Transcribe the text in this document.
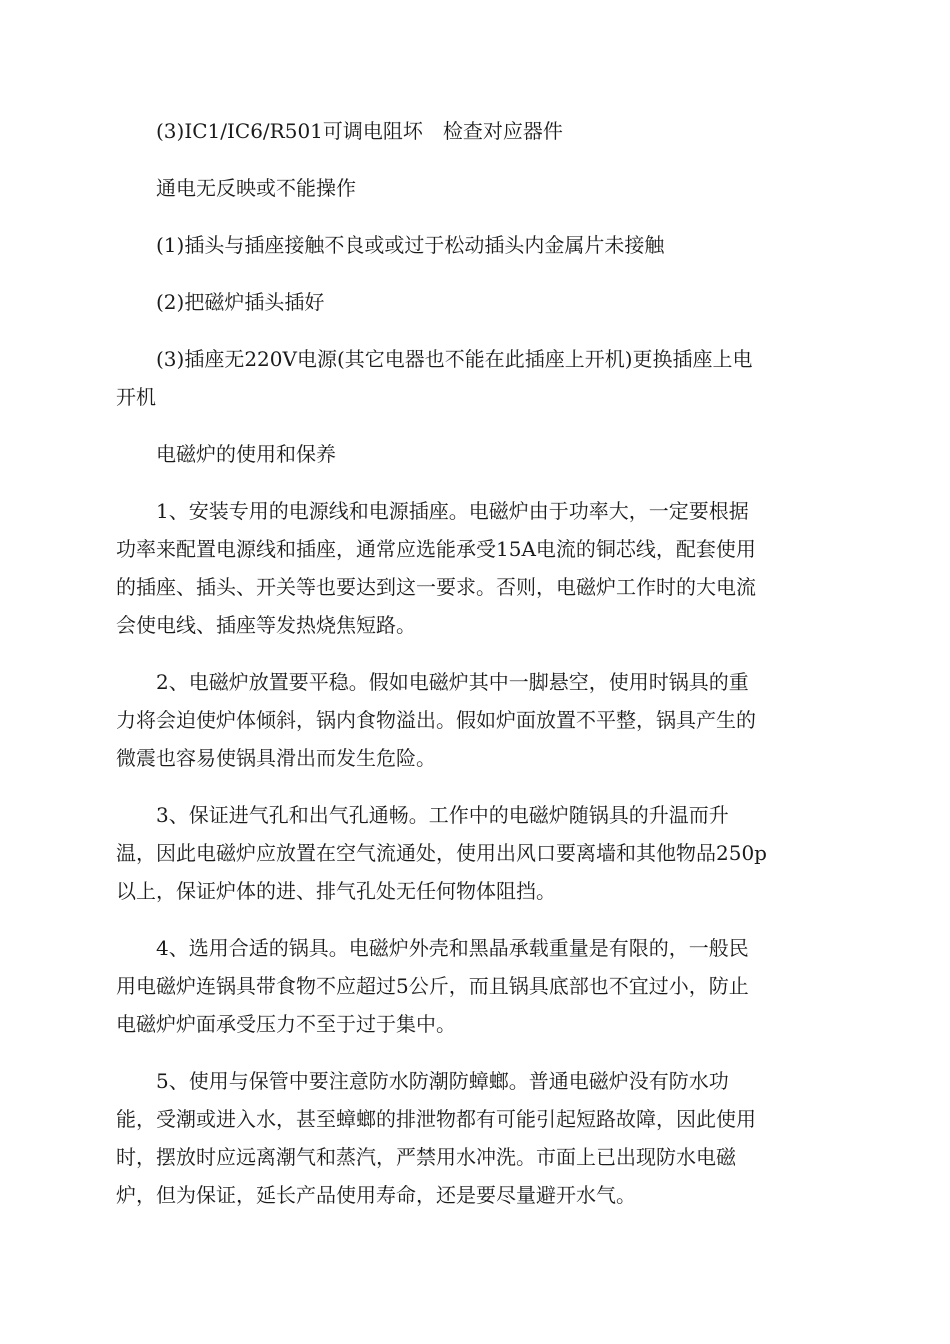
(3)IC1/IC6/R501可调电阻坏　检查对应器件

通电无反映或不能操作

(1)插头与插座接触不良或或过于松动插头内金属片未接触

(2)把磁炉插头插好

(3)插座无220V电源(其它电器也不能在此插座上开机)更换插座上电
开机

电磁炉的使用和保养

1、安装专用的电源线和电源插座。电磁炉由于功率大，一定要根据
功率来配置电源线和插座，通常应选能承受15A电流的铜芯线，配套使用
的插座、插头、开关等也要达到这一要求。否则，电磁炉工作时的大电流
会使电线、插座等发热烧焦短路。

2、电磁炉放置要平稳。假如电磁炉其中一脚悬空，使用时锅具的重
力将会迫使炉体倾斜，锅内食物溢出。假如炉面放置不平整，锅具产生的
微震也容易使锅具滑出而发生危险。

3、保证进气孔和出气孔通畅。工作中的电磁炉随锅具的升温而升
温，因此电磁炉应放置在空气流通处，使用出风口要离墙和其他物品250p
以上，保证炉体的进、排气孔处无任何物体阻挡。

4、选用合适的锅具。电磁炉外壳和黑晶承载重量是有限的，一般民
用电磁炉连锅具带食物不应超过5公斤，而且锅具底部也不宜过小，防止
电磁炉炉面承受压力不至于过于集中。

5、使用与保管中要注意防水防潮防蟑螂。普通电磁炉没有防水功
能，受潮或进入水，甚至蟑螂的排泄物都有可能引起短路故障，因此使用
时，摆放时应远离潮气和蒸汽，严禁用水冲洗。市面上已出现防水电磁
炉，但为保证，延长产品使用寿命，还是要尽量避开水气。
